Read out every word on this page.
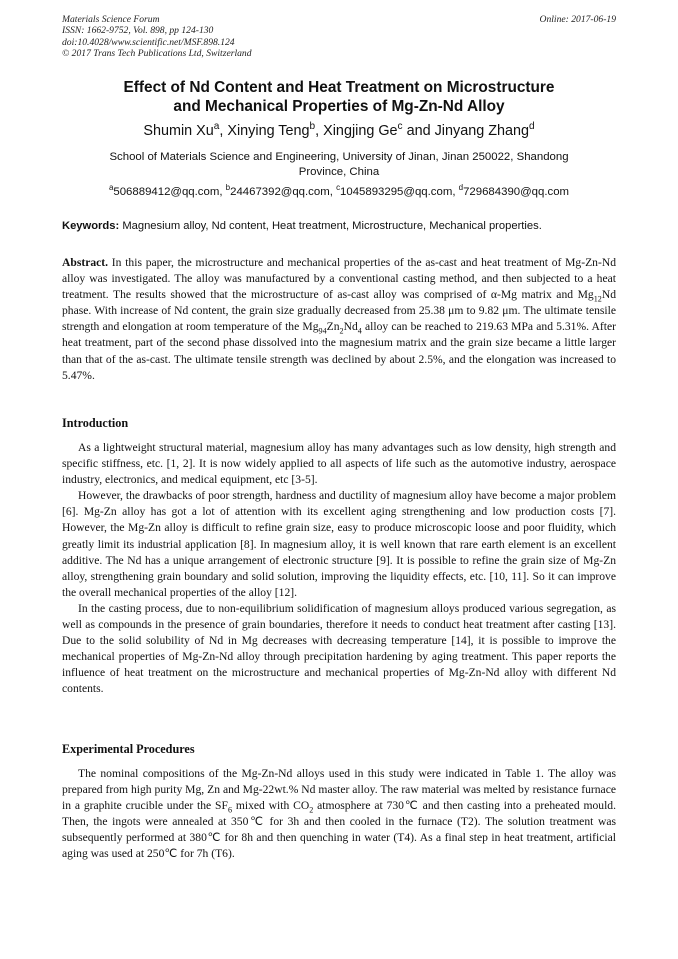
Materials Science Forum
ISSN: 1662-9752, Vol. 898, pp 124-130
doi:10.4028/www.scientific.net/MSF.898.124
© 2017 Trans Tech Publications Ltd, Switzerland
Online: 2017-06-19
Effect of Nd Content and Heat Treatment on Microstructure
and Mechanical Properties of Mg-Zn-Nd Alloy
Shumin Xu$^a$, Xinying Teng$^b$, Xingjing Ge$^c$ and Jinyang Zhang$^d$
School of Materials Science and Engineering, University of Jinan, Jinan 250022, Shandong
Province, China
$^a$506889412@qq.com, $^b$24467392@qq.com, $^c$1045893295@qq.com, $^d$729684390@qq.com
Keywords: Magnesium alloy, Nd content, Heat treatment, Microstructure, Mechanical properties.
Abstract. In this paper, the microstructure and mechanical properties of the as-cast and heat treatment of Mg-Zn-Nd alloy was investigated. The alloy was manufactured by a conventional casting method, and then subjected to a heat treatment. The results showed that the microstructure of as-cast alloy was comprised of α-Mg matrix and $Mg_{12}Nd$ phase. With increase of Nd content, the grain size gradually decreased from 25.38 μm to 9.82 μm. The ultimate tensile strength and elongation at room temperature of the $Mg_{94}Zn_2Nd_4$ alloy can be reached to 219.63 MPa and 5.31%. After heat treatment, part of the second phase dissolved into the magnesium matrix and the grain size became a little larger than that of the as-cast. The ultimate tensile strength was declined by about 2.5%, and the elongation was increased to 5.47%.
Introduction

As a lightweight structural material, magnesium alloy has many advantages such as low density, high strength and specific stiffness, etc. [1, 2]. It is now widely applied to all aspects of life such as the automotive industry, aerospace industry, electronics, and medical equipment, etc [3-5].

However, the drawbacks of poor strength, hardness and ductility of magnesium alloy have become a major problem [6]. Mg-Zn alloy has got a lot of attention with its excellent aging strengthening and low production costs [7]. However, the Mg-Zn alloy is difficult to refine grain size, easy to produce microscopic loose and poor fluidity, which greatly limit its industrial application [8]. In magnesium alloy, it is well known that rare earth element is an excellent additive. The Nd has a unique arrangement of electronic structure [9]. It is possible to refine the grain size of Mg-Zn alloy, strengthening grain boundary and solid solution, improving the liquidity effects, etc. [10, 11]. So it can improve the overall mechanical properties of the alloy [12].

In the casting process, due to non-equilibrium solidification of magnesium alloys produced various segregation, as well as compounds in the presence of grain boundaries, therefore it needs to conduct heat treatment after casting [13]. Due to the solid solubility of Nd in Mg decreases with decreasing temperature [14], it is possible to improve the mechanical properties of Mg-Zn-Nd alloy through precipitation hardening by aging treatment. This paper reports the influence of heat treatment on the microstructure and mechanical properties of Mg-Zn-Nd alloy with different Nd contents.

Experimental Procedures

The nominal compositions of the Mg-Zn-Nd alloys used in this study were indicated in Table 1. The alloy was prepared from high purity Mg, Zn and Mg-22wt.% Nd master alloy. The raw material was melted by resistance furnace in a graphite crucible under the $SF_6$ mixed with $CO_2$ atmosphere at 730℃ and then casting into a preheated mould. Then, the ingots were annealed at 350℃ for 3h and then cooled in the furnace (T2). The solution treatment was subsequently performed at 380℃ for 8h and then quenching in water (T4). As a final step in heat treatment, artificial aging was used at 250℃ for 7h (T6).
